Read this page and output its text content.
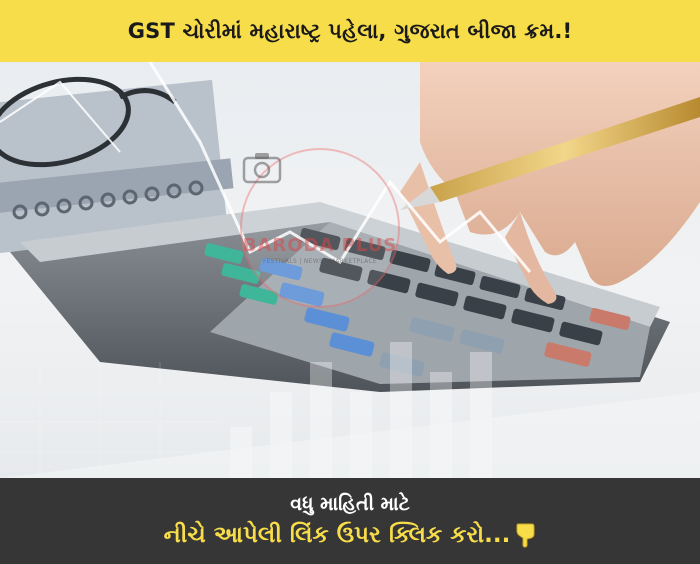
GST ચોરીમાં મહારાષ્ટ્ર પહેલા, ગુજરાત બીજા ક્રમ.!
BARODA PLUS
FESTIVALS | NEWS | MARKETPLACE
વધુ માહિતી માટે
નીચે આપેલી લિંક ઉપર ક્લિક કરો...
